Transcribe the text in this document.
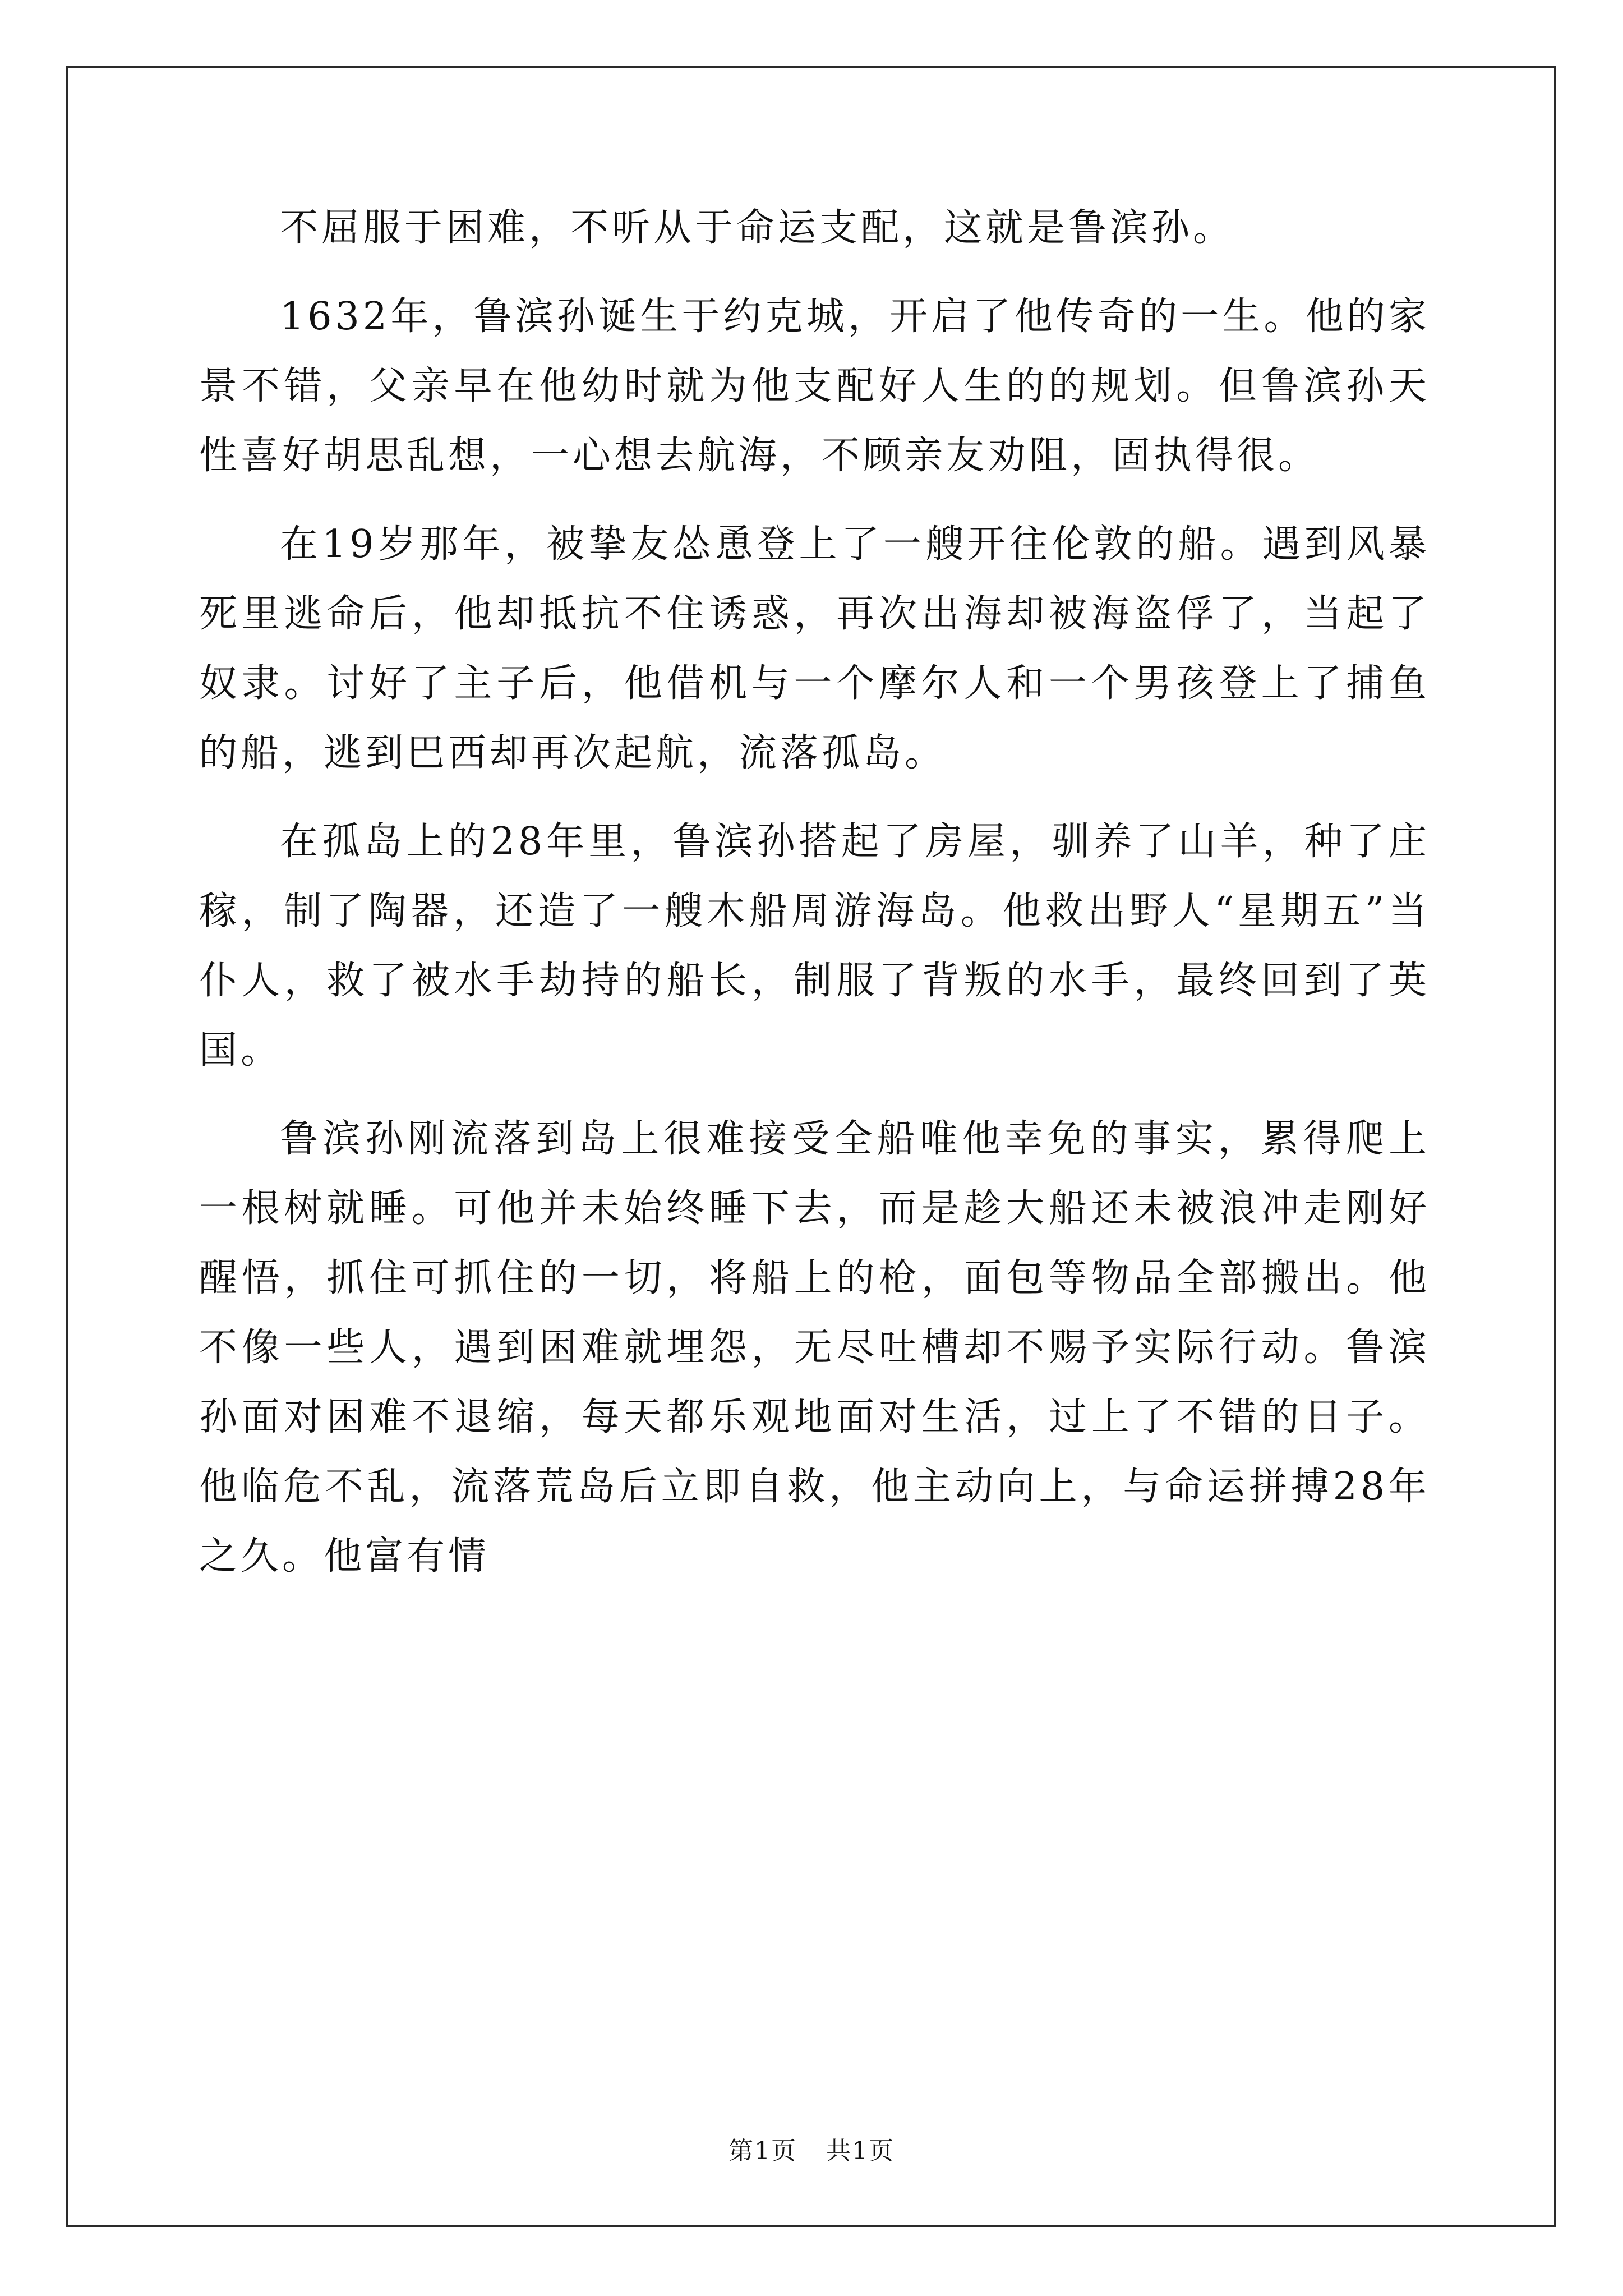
不屈服于困难，不听从于命运支配，这就是鲁滨孙。

1632年，鲁滨孙诞生于约克城，开启了他传奇的一生。他的家景不错，父亲早在他幼时就为他支配好人生的的规划。但鲁滨孙天性喜好胡思乱想，一心想去航海，不顾亲友劝阻，固执得很。

在19岁那年，被挚友怂恿登上了一艘开往伦敦的船。遇到风暴死里逃命后，他却抵抗不住诱惑，再次出海却被海盗俘了，当起了奴隶。讨好了主子后，他借机与一个摩尔人和一个男孩登上了捕鱼的船，逃到巴西却再次起航，流落孤岛。

在孤岛上的28年里，鲁滨孙搭起了房屋，驯养了山羊，种了庄稼，制了陶器，还造了一艘木船周游海岛。他救出野人“星期五”当仆人，救了被水手劫持的船长，制服了背叛的水手，最终回到了英国。

鲁滨孙刚流落到岛上很难接受全船唯他幸免的事实，累得爬上一根树就睡。可他并未始终睡下去，而是趁大船还未被浪冲走刚好醒悟，抓住可抓住的一切，将船上的枪，面包等物品全部搬出。他不像一些人，遇到困难就埋怨，无尽吐槽却不赐予实际行动。鲁滨孙面对困难不退缩，每天都乐观地面对生活，过上了不错的日子。他临危不乱，流落荒岛后立即自救，他主动向上，与命运拼搏28年之久。他富有情

第1页 共1页
